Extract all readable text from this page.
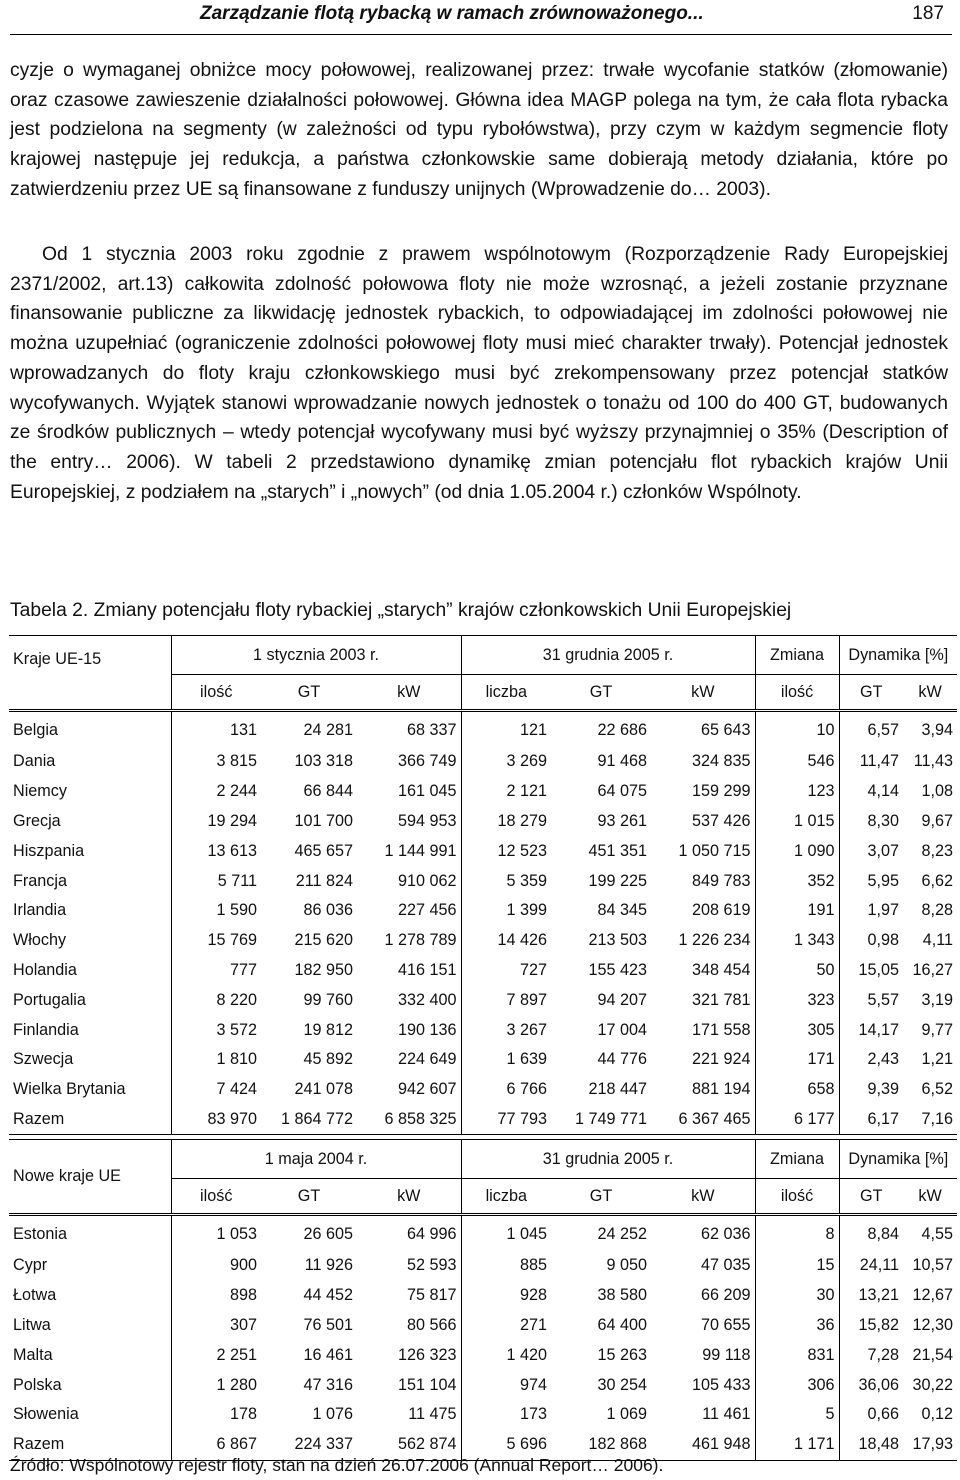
Zarządzanie flotą rybacką w ramach zrównoważonego...	187

cyzje o wymaganej obniżce mocy połowowej, realizowanej przez: trwałe wycofanie statków (złomowanie) oraz czasowe zawieszenie działalności połowowej. Główna idea MAGP polega na tym, że cała flota rybacka jest podzielona na segmenty (w zależności od typu rybołówstwa), przy czym w każdym segmencie floty krajowej następuje jej redukcja, a państwa członkowskie same dobierają metody działania, które po zatwierdzeniu przez UE są finansowane z funduszy unijnych (Wprowadzenie do… 2003).

Od 1 stycznia 2003 roku zgodnie z prawem wspólnotowym (Rozporządzenie Rady Europejskiej 2371/2002, art.13) całkowita zdolność połowowa floty nie może wzrosnąć, a jeżeli zostanie przyznane finansowanie publiczne za likwidację jednostek rybackich, to odpowiadającej im zdolności połowowej nie można uzupełniać (ograniczenie zdolności połowowej floty musi mieć charakter trwały). Potencjał jednostek wprowadzanych do floty kraju członkowskiego musi być zrekompensowany przez potencjał statków wycofywanych. Wyjątek stanowi wprowadzanie nowych jednostek o tonażu od 100 do 400 GT, budowanych ze środków publicznych – wtedy potencjał wycofywany musi być wyższy przynajmniej o 35% (Description of the entry… 2006). W tabeli 2 przedstawiono dynamikę zmian potencjału flot rybackich krajów Unii Europejskiej, z podziałem na „starych” i „nowych” (od dnia 1.05.2004 r.) członków Wspólnoty.

Tabela 2. Zmiany potencjału floty rybackiej „starych” krajów członkowskich Unii Europejskiej

Kraje UE-15	1 stycznia 2003 r.			31 grudnia 2005 r.			Zmiana	Dynamika [%]	
	ilość	GT	kW	liczba	GT	kW	ilość	GT	kW
Belgia	131	24 281	68 337	121	22 686	65 643	10	6,57	3,94
Dania	3 815	103 318	366 749	3 269	91 468	324 835	546	11,47	11,43
Niemcy	2 244	66 844	161 045	2 121	64 075	159 299	123	4,14	1,08
Grecja	19 294	101 700	594 953	18 279	93 261	537 426	1 015	8,30	9,67
Hiszpania	13 613	465 657	1 144 991	12 523	451 351	1 050 715	1 090	3,07	8,23
Francja	5 711	211 824	910 062	5 359	199 225	849 783	352	5,95	6,62
Irlandia	1 590	86 036	227 456	1 399	84 345	208 619	191	1,97	8,28
Włochy	15 769	215 620	1 278 789	14 426	213 503	1 226 234	1 343	0,98	4,11
Holandia	777	182 950	416 151	727	155 423	348 454	50	15,05	16,27
Portugalia	8 220	99 760	332 400	7 897	94 207	321 781	323	5,57	3,19
Finlandia	3 572	19 812	190 136	3 267	17 004	171 558	305	14,17	9,77
Szwecja	1 810	45 892	224 649	1 639	44 776	221 924	171	2,43	1,21
Wielka Brytania	7 424	241 078	942 607	6 766	218 447	881 194	658	9,39	6,52
Razem	83 970	1 864 772	6 858 325	77 793	1 749 771	6 367 465	6 177	6,17	7,16
Nowe kraje UE	1 maja 2004 r.			31 grudnia 2005 r.			Zmiana	Dynamika [%]	
	ilość	GT	kW	liczba	GT	kW	ilość	GT	kW
Estonia	1 053	26 605	64 996	1 045	24 252	62 036	8	8,84	4,55
Cypr	900	11 926	52 593	885	9 050	47 035	15	24,11	10,57
Łotwa	898	44 452	75 817	928	38 580	66 209	30	13,21	12,67
Litwa	307	76 501	80 566	271	64 400	70 655	36	15,82	12,30
Malta	2 251	16 461	126 323	1 420	15 263	99 118	831	7,28	21,54
Polska	1 280	47 316	151 104	974	30 254	105 433	306	36,06	30,22
Słowenia	178	1 076	11 475	173	1 069	11 461	5	0,66	0,12
Razem	6 867	224 337	562 874	5 696	182 868	461 948	1 171	18,48	17,93

Źródło: Wspólnotowy rejestr floty, stan na dzień 26.07.2006 (Annual Report… 2006).
